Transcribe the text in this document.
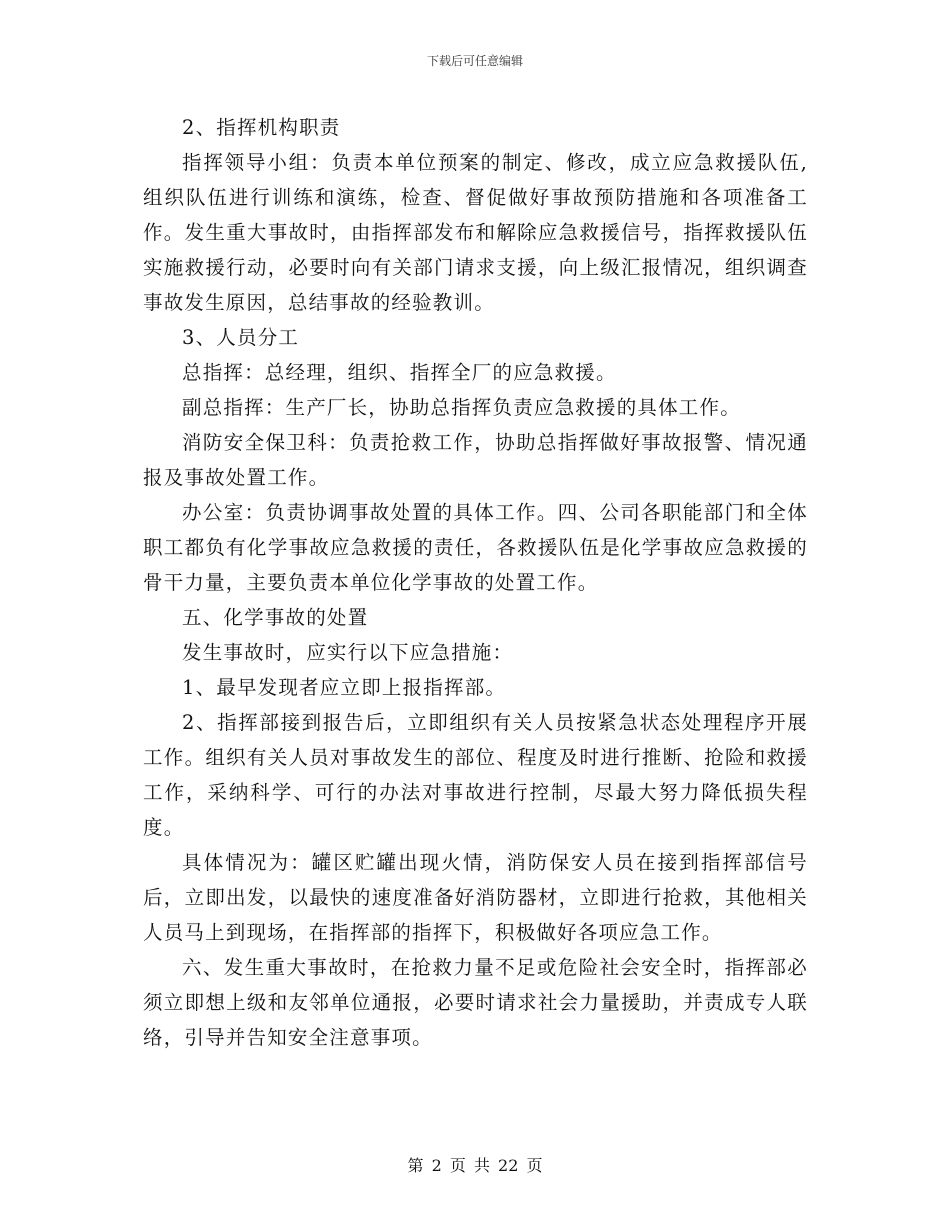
下载后可任意编辑

2、指挥机构职责

指挥领导小组：负责本单位预案的制定、修改，成立应急救援队伍,组织队伍进行训练和演练，检查、督促做好事故预防措施和各项准备工作。发生重大事故时，由指挥部发布和解除应急救援信号，指挥救援队伍实施救援行动，必要时向有关部门请求支援，向上级汇报情况，组织调查事故发生原因，总结事故的经验教训。

3、人员分工

总指挥：总经理，组织、指挥全厂的应急救援。

副总指挥：生产厂长，协助总指挥负责应急救援的具体工作。

消防安全保卫科：负责抢救工作，协助总指挥做好事故报警、情况通报及事故处置工作。

办公室：负责协调事故处置的具体工作。四、公司各职能部门和全体职工都负有化学事故应急救援的责任，各救援队伍是化学事故应急救援的骨干力量，主要负责本单位化学事故的处置工作。

五、化学事故的处置

发生事故时，应实行以下应急措施：

1、最早发现者应立即上报指挥部。

2、指挥部接到报告后，立即组织有关人员按紧急状态处理程序开展工作。组织有关人员对事故发生的部位、程度及时进行推断、抢险和救援工作，采纳科学、可行的办法对事故进行控制，尽最大努力降低损失程度。

具体情况为：罐区贮罐出现火情，消防保安人员在接到指挥部信号后，立即出发，以最快的速度准备好消防器材，立即进行抢救，其他相关人员马上到现场，在指挥部的指挥下，积极做好各项应急工作。

六、发生重大事故时，在抢救力量不足或危险社会安全时，指挥部必须立即想上级和友邻单位通报，必要时请求社会力量援助，并责成专人联络，引导并告知安全注意事项。

第 2 页 共 22 页
